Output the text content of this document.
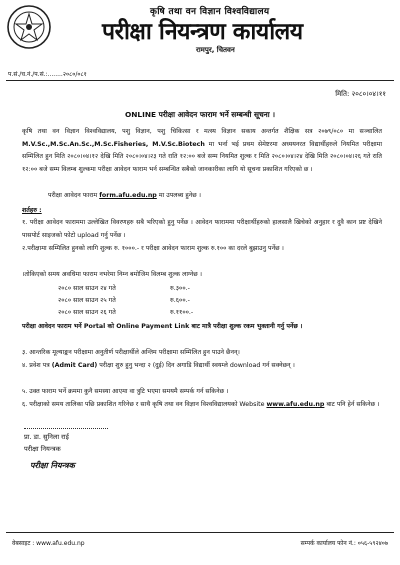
कृषि तथा वन विज्ञान विश्वविद्यालय
परीक्षा नियन्त्रण कार्यालय
रामपुर, चितवन
प.सं./च.नं./प.सं.:........२०८०/०८१
मिति: २०८०।०४।११
ONLINE परीक्षा आवेदन फाराम भर्ने सम्बन्धी सूचना ।
कृषि तथा वन विज्ञान विश्वविद्यालय, पशु विज्ञान, पशु चिकित्सा र मत्स्य विज्ञान सकाय अन्तर्गत शैक्षिक सत्र २०७९/०८० मा सञ्चालित M.V.Sc.,M.Sc.An.Sc.,M.Sc.Fisheries, M.V.Sc.Biotech मा भर्ना भई प्रथम सेमेष्टरमा अध्ययनरत विद्यार्थीहरुले नियमित परीक्षामा सम्मिलित हुन मिति २०८०।०४।१२ देखि मिति २०८०।०४।२३ गते राति १२:०० बजे सम्म नियमित शुल्क र मिति २०८०।०४।२४ देखि मिति २०८०।०४।२६ गते राति १२:०० बजे सम्म विलम्ब शुल्कमा परीक्षा आवेदन फाराम भर्न सम्बन्धित सबैको जानकारीका लागि यो सूचना प्रकाशित गरिएको छ ।
परीक्षा आवेदन फाराम form.afu.edu.np मा उपलब्ध हुनेछ ।
शर्तहरु :
१. परीक्षा आवेदन फाराममा उल्लेखित विवरणहरु सबै भरिएको हुनु पर्नेछ । आवेदन फाराममा परीक्षार्थीहरुको हालसालै खिचेको अनुहार र दुवै कान प्रष्ट देखिने पासपोर्ट साइजको फोटो upload गर्नु पर्नेछ ।
२.परीक्षामा सम्मिलित हुनको लागि शुल्क रु. १०००.- र परीक्षा आवेदन फाराम शुल्क रु.१०० का दरले बुझाउनु पर्नेछ ।
।तोकिएको समय अवधिमा फाराम नभरेमा निम्न बमोजिम विलम्ब शुल्क लाग्नेछ ।
२०८० साल साउन २४ गते	रु.३००.-
२०८० साल साउन २५ गते	रु.६००.-
२०८० साल साउन २६ गते	रु.११००.-
परीक्षा आवेदन फाराम भर्ने Portal को Online Payment Link बाट मात्रै परीक्षा शुल्क रकम भुक्तानी गर्नु पर्नेछ ।
३. आन्तरिक मूल्याङ्कन परीक्षामा अनुतीर्ण परीक्षार्थीले अन्तिम परीक्षामा सम्मिलित हुन पाउने छैनन्।
४. प्रवेश पत्र (Admit Card) परीक्षा शुरु हुनु भन्दा २ (दुई) दिन अगाडि विद्यार्थी स्वयम्ले download गर्न सक्नेछन् ।
५. उक्त फाराम भर्ने क्रममा कुनै समस्या आएमा वा त्रुटि भएमा समयमै सम्पर्क गर्न सकिनेछ ।
६. परीक्षाको समय तालिका पछि प्रकाशित गरिनेछ र साथै कृषि तथा वन विज्ञान विश्वविद्यालयको Website www.afu.edu.np बाट पनि हेर्न सकिनेछ ।
प्रा. डा. सुनिला राई
परीक्षा नियन्त्रक
परीक्षा नियन्त्रक
वेबसाइट : www.afu.edu.np	सम्पर्क कार्यालय फोन नं.: ०५६-५९२४०७
